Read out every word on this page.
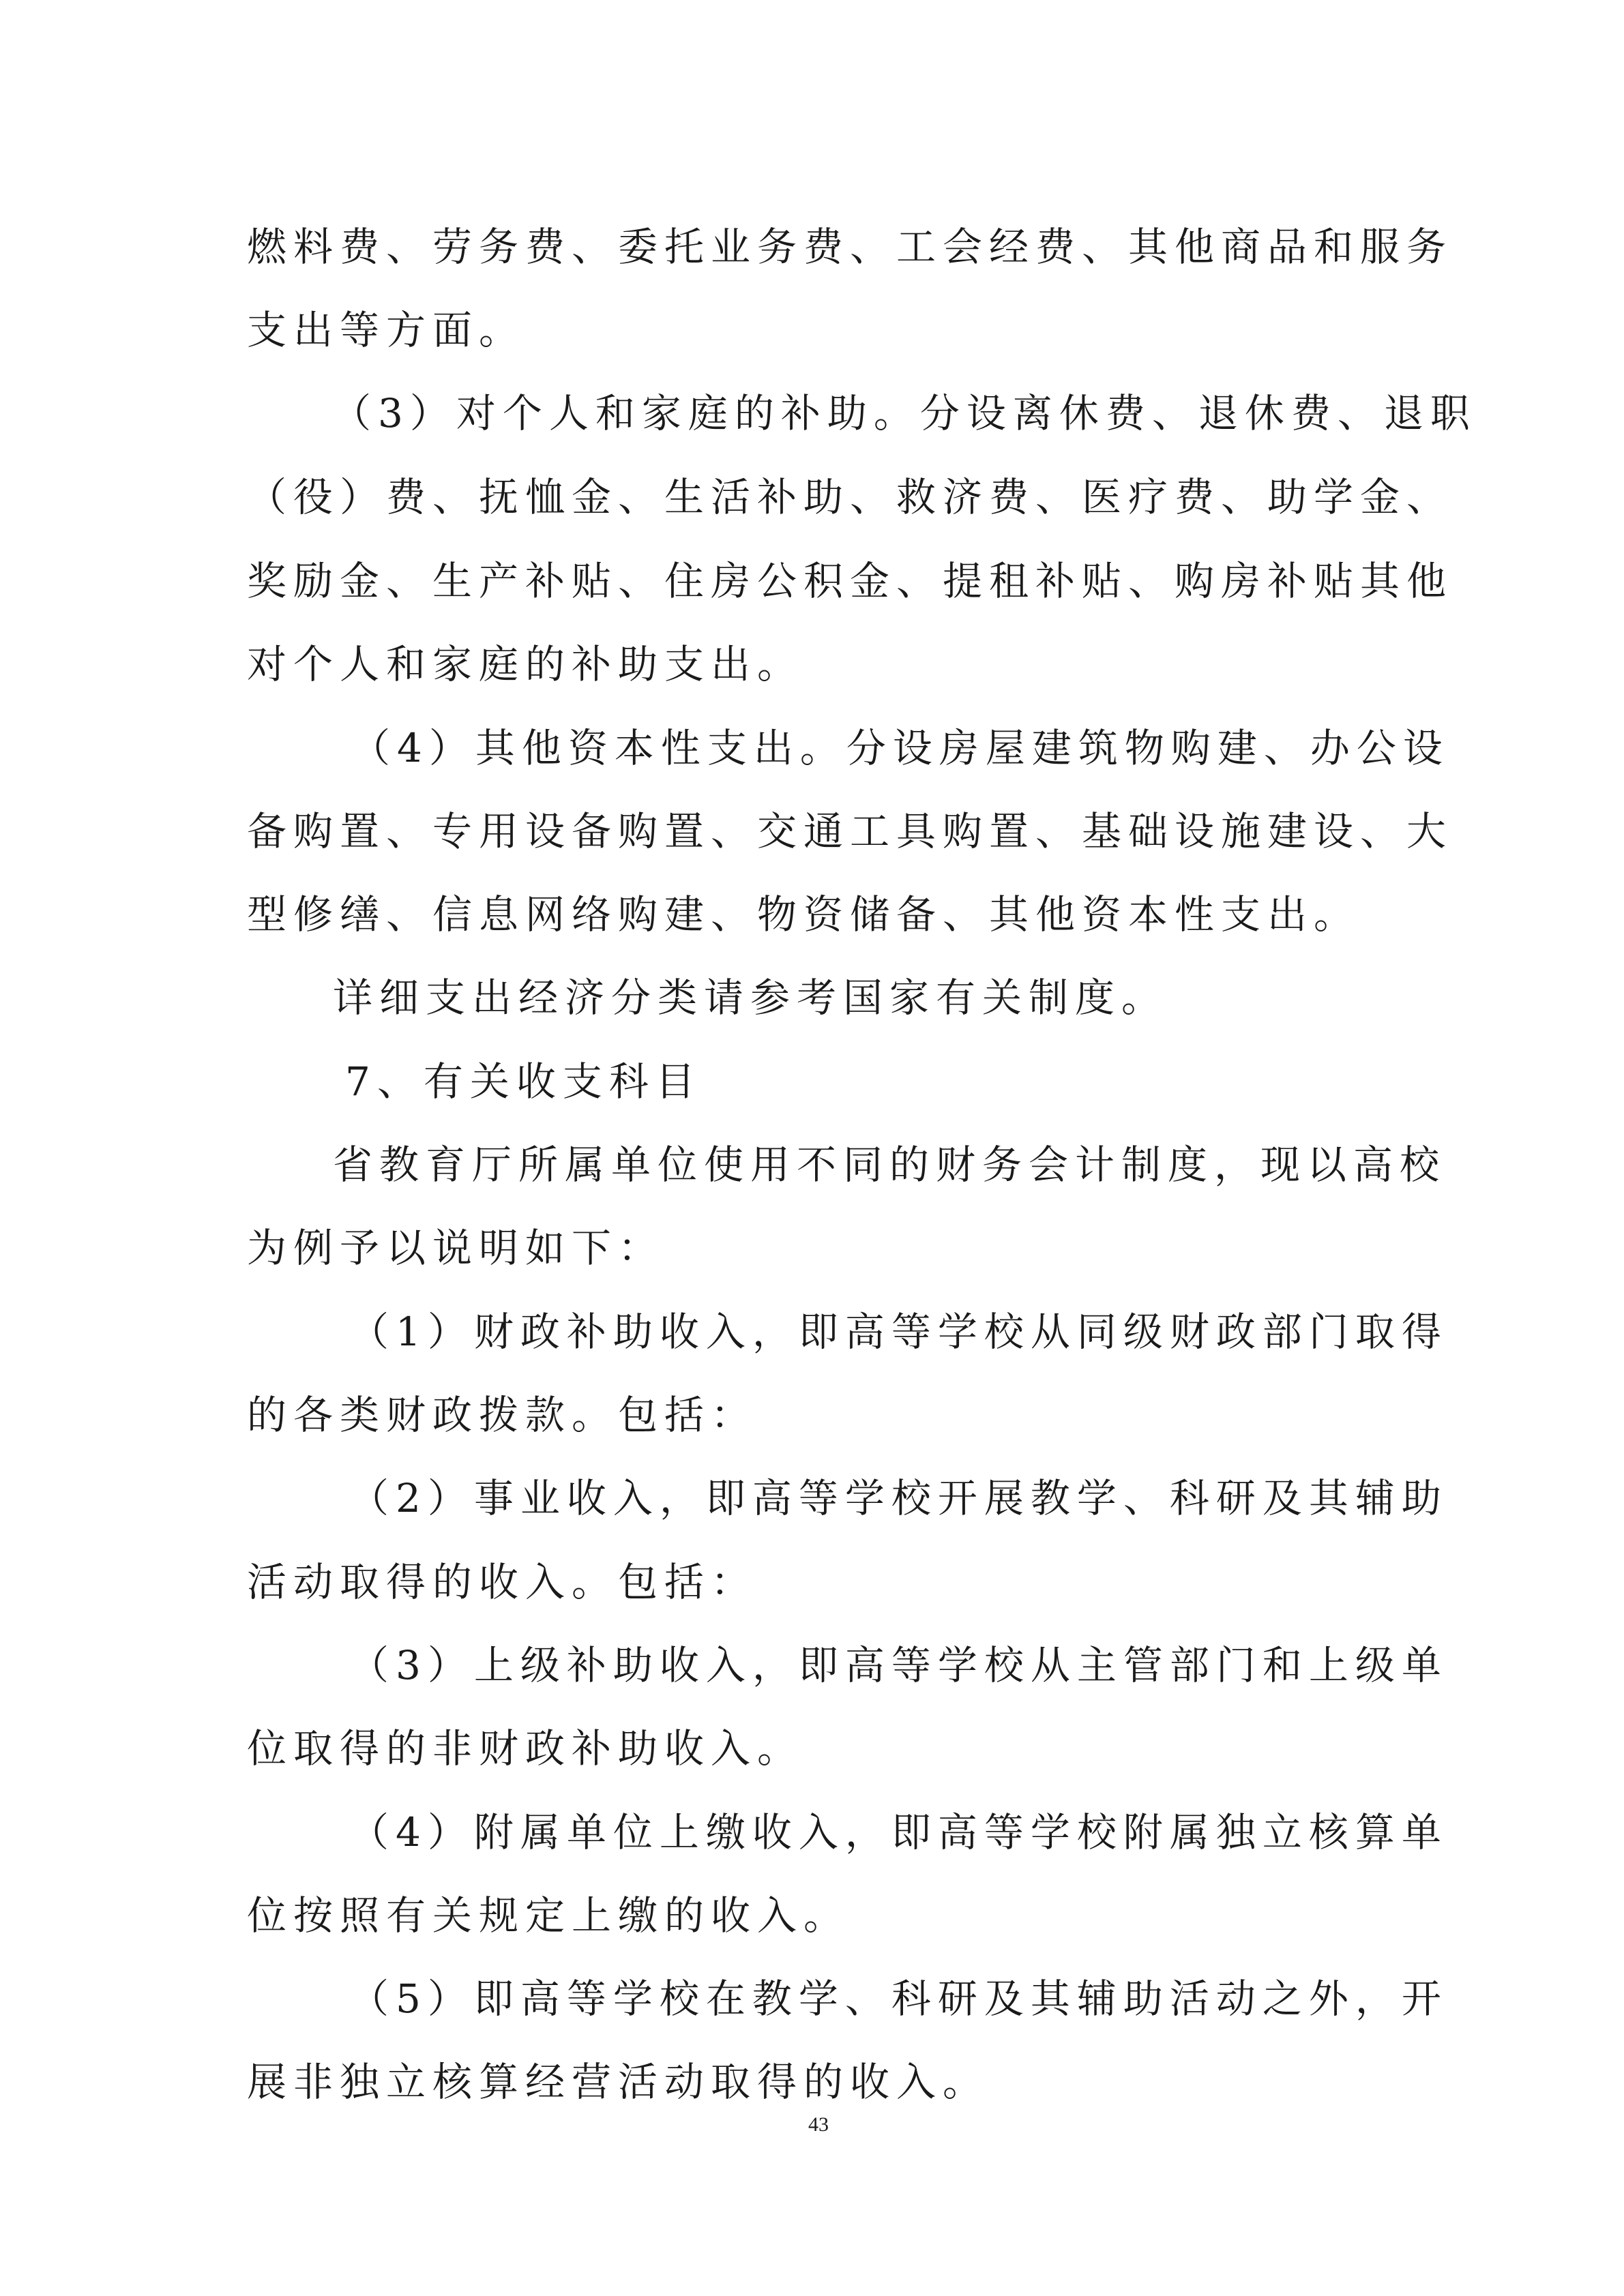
燃料费、劳务费、委托业务费、工会经费、其他商品和服务
支出等方面。
（3）对个人和家庭的补助。分设离休费、退休费、退职
（役）费、抚恤金、生活补助、救济费、医疗费、助学金、
奖励金、生产补贴、住房公积金、提租补贴、购房补贴其他
对个人和家庭的补助支出。
（4）其他资本性支出。分设房屋建筑物购建、办公设
备购置、专用设备购置、交通工具购置、基础设施建设、大
型修缮、信息网络购建、物资储备、其他资本性支出。
详细支出经济分类请参考国家有关制度。
7、有关收支科目
省教育厅所属单位使用不同的财务会计制度，现以高校
为例予以说明如下：
（1）财政补助收入，即高等学校从同级财政部门取得
的各类财政拨款。包括：
（2）事业收入，即高等学校开展教学、科研及其辅助
活动取得的收入。包括：
（3）上级补助收入，即高等学校从主管部门和上级单
位取得的非财政补助收入。
（4）附属单位上缴收入，即高等学校附属独立核算单
位按照有关规定上缴的收入。
（5）即高等学校在教学、科研及其辅助活动之外，开
展非独立核算经营活动取得的收入。
43
